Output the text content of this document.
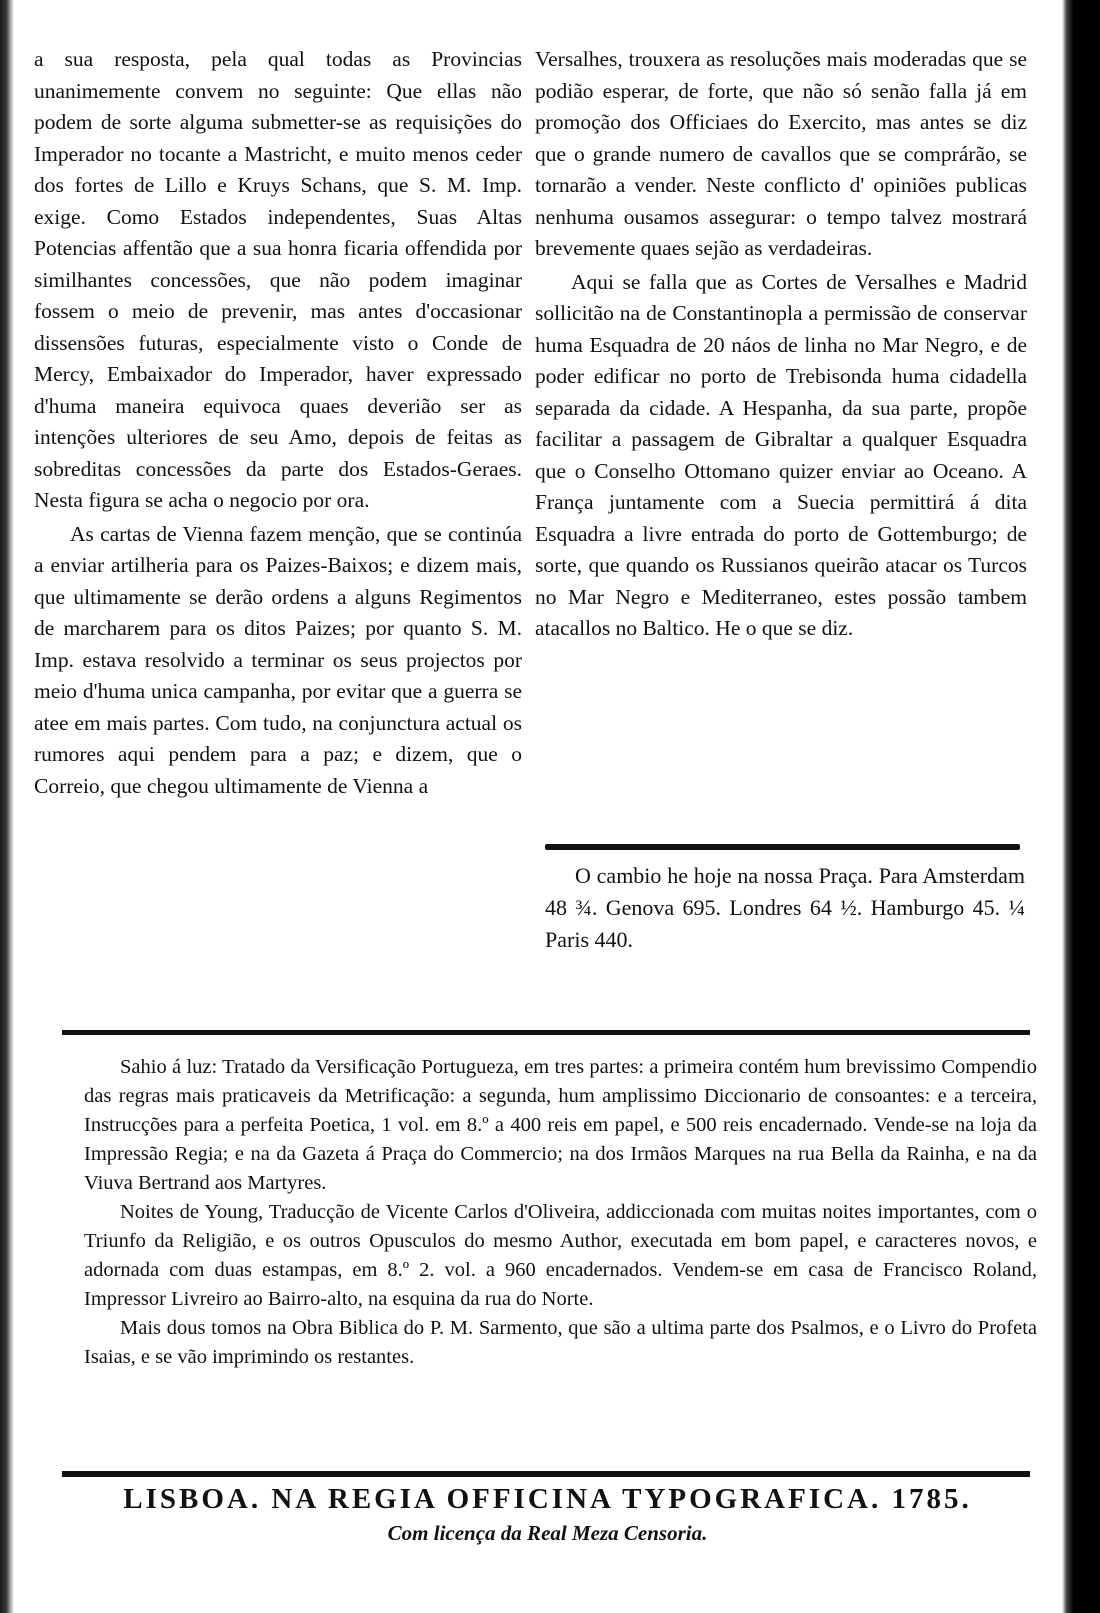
a sua resposta, pela qual todas as Provincias unanimemente convem no seguinte: Que ellas não podem de sorte alguma submetter-se as requisições do Imperador no tocante a Mastricht, e muito menos ceder dos fortes de Lillo e Kruys Schans, que S. M. Imp. exige. Como Estados independentes, Suas Altas Potencias affentão que a sua honra ficaria offendida por similhantes concessões, que não podem imaginar fossem o meio de prevenir, mas antes d'occasionar dissensões futuras, especialmente visto o Conde de Mercy, Embaixador do Imperador, haver expressado d'huma maneira equivoca quaes deverião ser as intenções ulteriores de seu Amo, depois de feitas as sobreditas concessões da parte dos Estados-Geraes. Nesta figura se acha o negocio por ora.

As cartas de Vienna fazem menção, que se continúa a enviar artilheria para os Paizes-Baixos; e dizem mais, que ultimamente se derão ordens a alguns Regimentos de marcharem para os ditos Paizes; por quanto S. M. Imp. estava resolvido a terminar os seus projectos por meio d'huma unica campanha, por evitar que a guerra se atee em mais partes. Com tudo, na conjunctura actual os rumores aqui pendem para a paz; e dizem, que o Correio, que chegou ultimamente de Vienna a

Versalhes, trouxera as resoluções mais moderadas que se podião esperar, de forte, que não só senão falla já em promoção dos Officiaes do Exercito, mas antes se diz que o grande numero de cavallos que se comprárão, se tornarão a vender. Neste conflicto d' opiniões publicas nenhuma ousamos assegurar: o tempo talvez mostrará brevemente quaes sejão as verdadeiras.

Aqui se falla que as Cortes de Versalhes e Madrid sollicitão na de Constantinopla a permissão de conservar huma Esquadra de 20 náos de linha no Mar Negro, e de poder edificar no porto de Trebisonda huma cidadella separada da cidade. A Hespanha, da sua parte, propõe facilitar a passagem de Gibraltar a qualquer Esquadra que o Conselho Ottomano quizer enviar ao Oceano. A França juntamente com a Suecia permittirá á dita Esquadra a livre entrada do porto de Gottemburgo; de sorte, que quando os Russianos queirão atacar os Turcos no Mar Negro e Mediterraneo, estes possão tambem atacallos no Baltico. He o que se diz.

O cambio he hoje na nossa Praça. Para Amsterdam 48 ¾. Genova 695. Londres 64 ½. Hamburgo 45. ¼ Paris 440.

Sahio á luz: Tratado da Versificação Portugueza, em tres partes: a primeira contém hum brevissimo Compendio das regras mais praticaveis da Metrificação: a segunda, hum amplissimo Diccionario de consoantes: e a terceira, Instrucções para a perfeita Poetica, 1 vol. em 8.º a 400 reis em papel, e 500 reis encadernado. Vende-se na loja da Impressão Regia; e na da Gazeta á Praça do Commercio; na dos Irmãos Marques na rua Bella da Rainha, e na da Viuva Bertrand aos Martyres.

Noites de Young, Traducção de Vicente Carlos d'Oliveira, addiccionada com muitas noites importantes, com o Triunfo da Religião, e os outros Opusculos do mesmo Author, executada em bom papel, e caracteres novos, e adornada com duas estampas, em 8.º 2. vol. a 960 encadernados. Vendem-se em casa de Francisco Roland, Impressor Livreiro ao Bairro-alto, na esquina da rua do Norte.

Mais dous tomos na Obra Biblica do P. M. Sarmento, que são a ultima parte dos Psalmos, e o Livro do Profeta Isaias, e se vão imprimindo os restantes.

LISBOA. NA REGIA OFFICINA TYPOGRAFICA. 1785.
Com licença da Real Meza Censoria.
